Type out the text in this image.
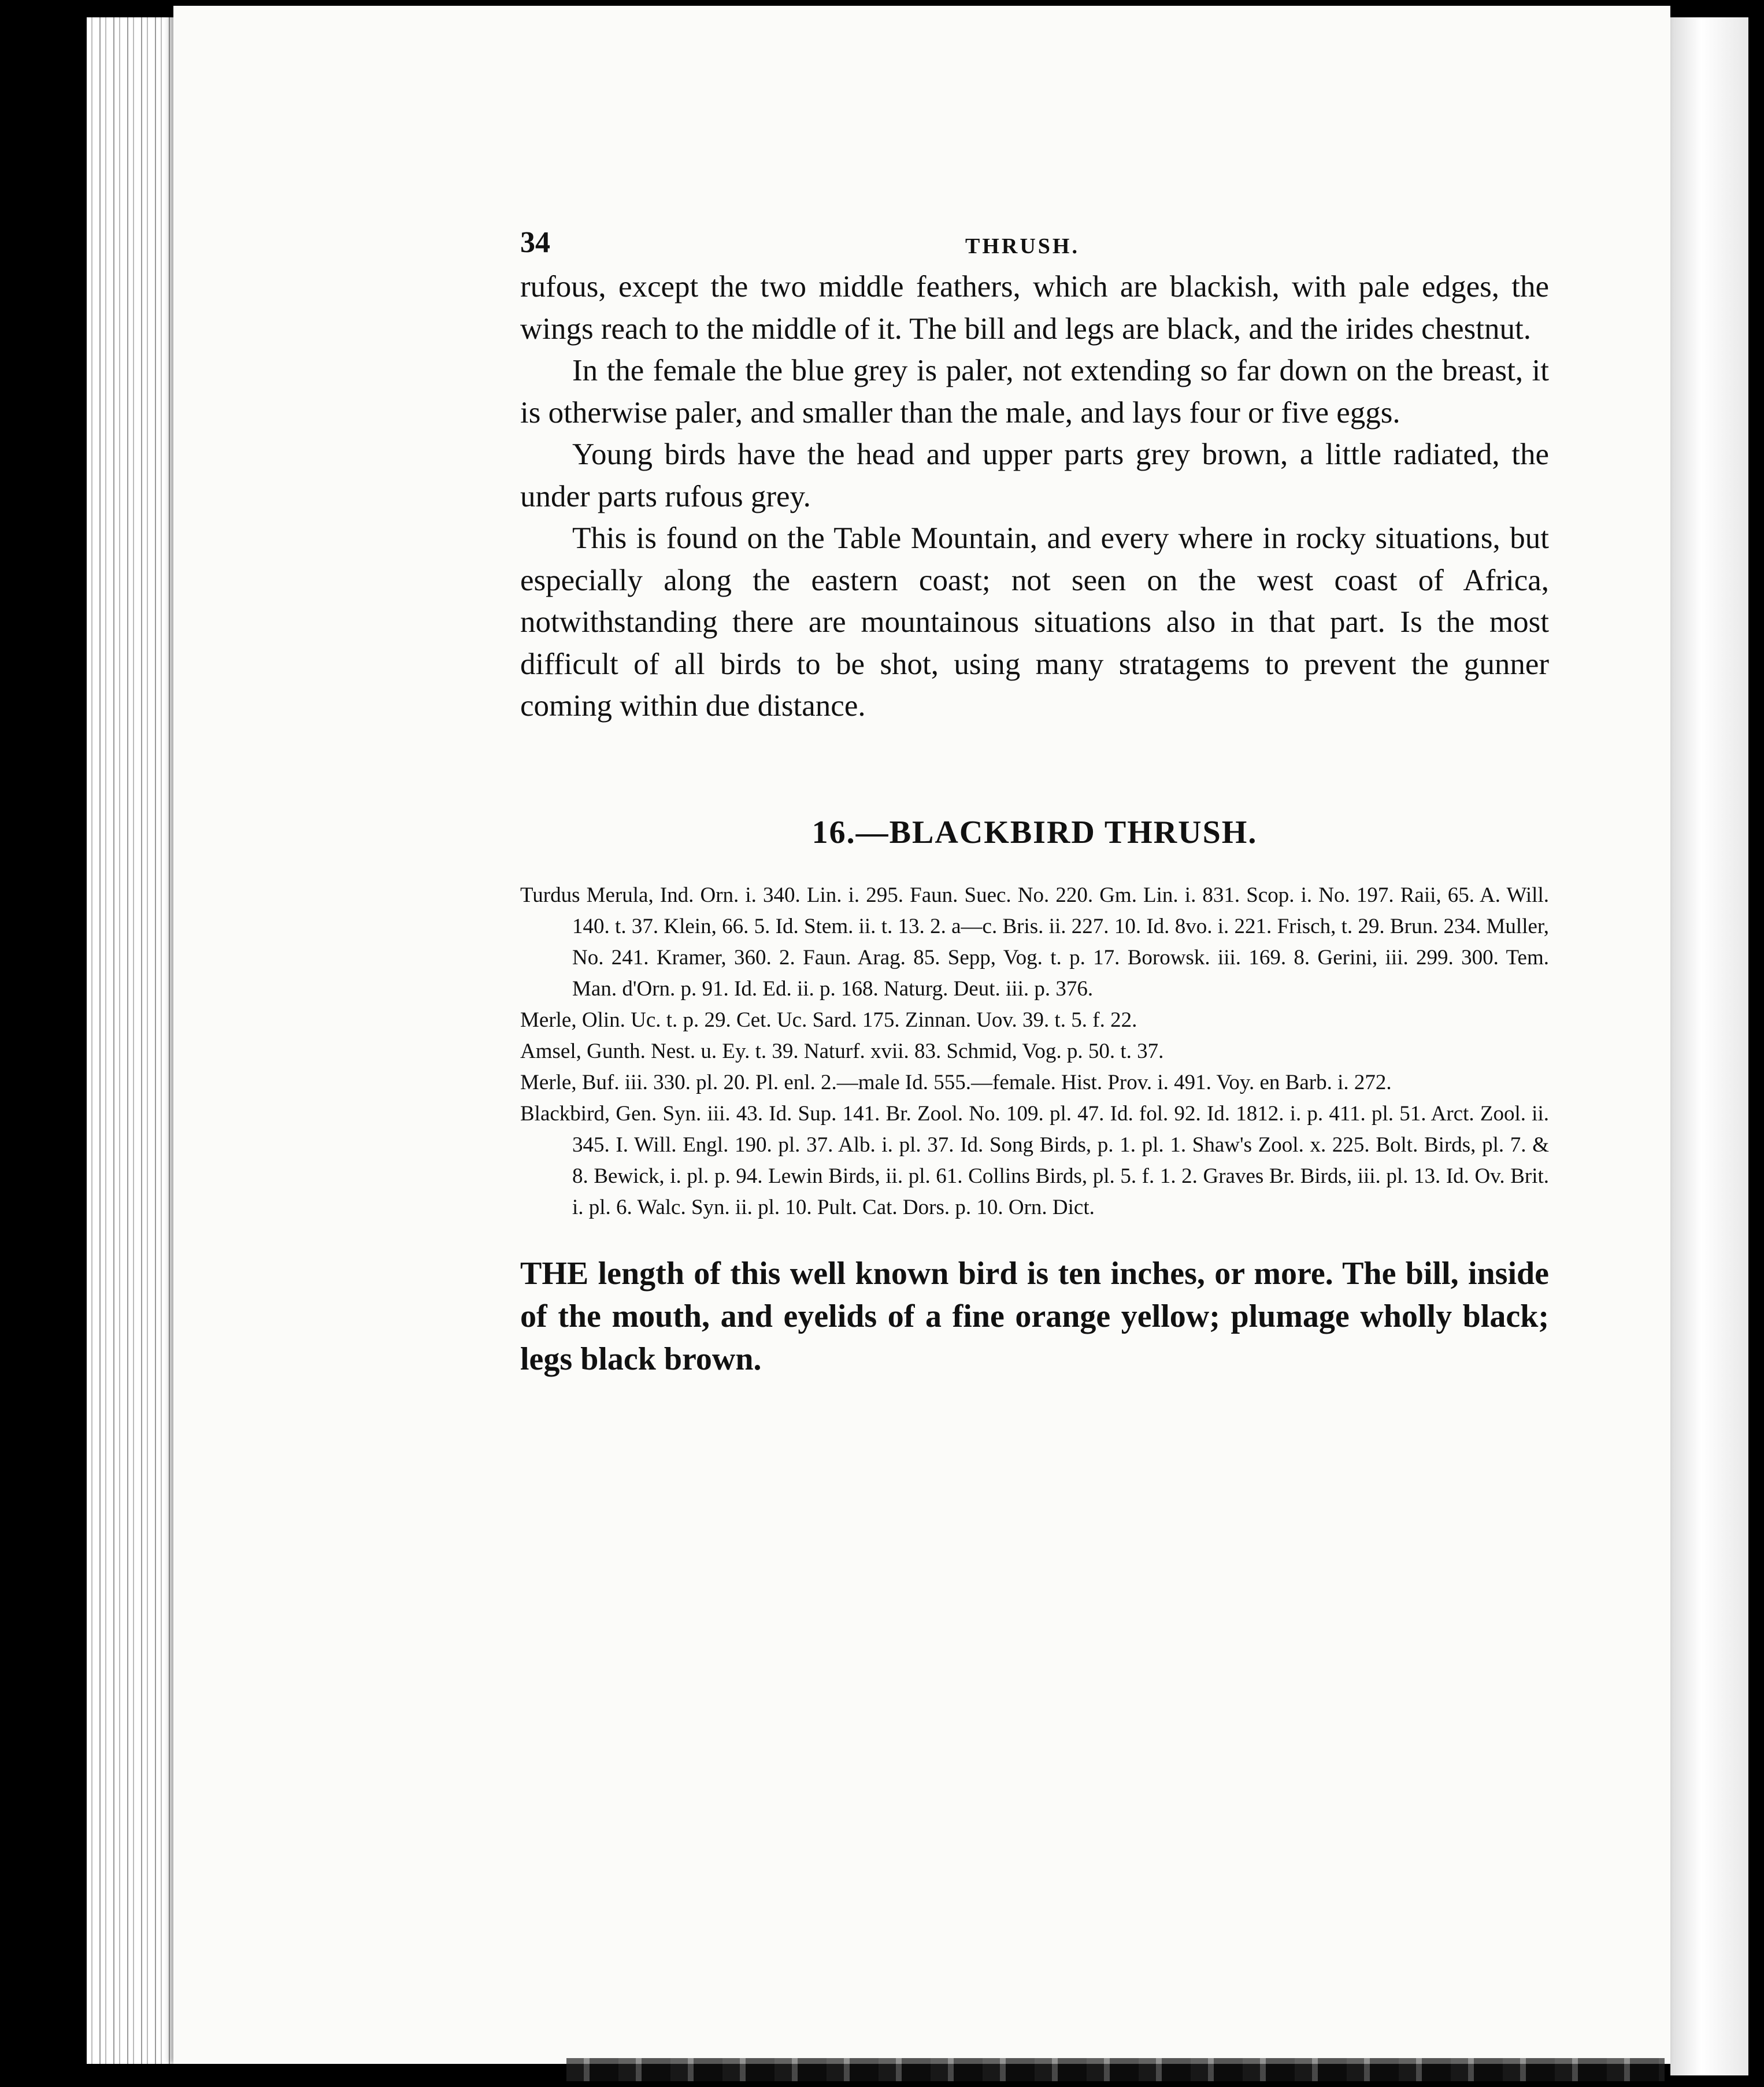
34	THRUSH.

rufous, except the two middle feathers, which are blackish, with pale edges, the wings reach to the middle of it. The bill and legs are black, and the irides chestnut.

In the female the blue grey is paler, not extending so far down on the breast, it is otherwise paler, and smaller than the male, and lays four or five eggs.

Young birds have the head and upper parts grey brown, a little radiated, the under parts rufous grey.

This is found on the Table Mountain, and every where in rocky situations, but especially along the eastern coast; not seen on the west coast of Africa, notwithstanding there are mountainous situations also in that part. Is the most difficult of all birds to be shot, using many stratagems to prevent the gunner coming within due distance.

16.—BLACKBIRD THRUSH.

Turdus Merula, Ind. Orn. i. 340. Lin. i. 295. Faun. Suec. No. 220. Gm. Lin. i. 831. Scop. i. No. 197. Raii, 65. A. Will. 140. t. 37. Klein, 66. 5. Id. Stem. ii. t. 13. 2. a—c. Bris. ii. 227. 10. Id. 8vo. i. 221. Frisch, t. 29. Brun. 234. Muller, No. 241. Kramer, 360. 2. Faun. Arag. 85. Sepp, Vog. t. p. 17. Borowsk. iii. 169. 8. Gerini, iii. 299. 300. Tem. Man. d'Orn. p. 91. Id. Ed. ii. p. 168. Naturg. Deut. iii. p. 376.

Merle, Olin. Uc. t. p. 29. Cet. Uc. Sard. 175. Zinnan. Uov. 39. t. 5. f. 22.

Amsel, Gunth. Nest. u. Ey. t. 39. Naturf. xvii. 83. Schmid, Vog. p. 50. t. 37.

Merle, Buf. iii. 330. pl. 20. Pl. enl. 2.—male Id. 555.—female. Hist. Prov. i. 491. Voy. en Barb. i. 272.

Blackbird, Gen. Syn. iii. 43. Id. Sup. 141. Br. Zool. No. 109. pl. 47. Id. fol. 92. Id. 1812. i. p. 411. pl. 51. Arct. Zool. ii. 345. I. Will. Engl. 190. pl. 37. Alb. i. pl. 37. Id. Song Birds, p. 1. pl. 1. Shaw's Zool. x. 225. Bolt. Birds, pl. 7. & 8. Bewick, i. pl. p. 94. Lewin Birds, ii. pl. 61. Collins Birds, pl. 5. f. 1. 2. Graves Br. Birds, iii. pl. 13. Id. Ov. Brit. i. pl. 6. Walc. Syn. ii. pl. 10. Pult. Cat. Dors. p. 10. Orn. Dict.

THE length of this well known bird is ten inches, or more. The bill, inside of the mouth, and eyelids of a fine orange yellow; plumage wholly black; legs black brown.
